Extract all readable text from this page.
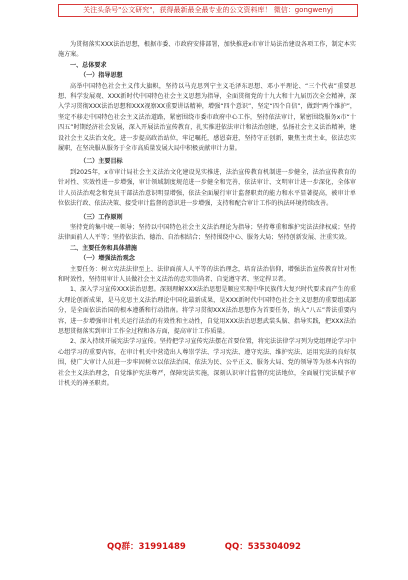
关注头条号"公文研究"，获得最新最全最专业的公文资料库！ 微信：gongwenyj

为贯彻落实XXX法治思想，根据市委、市政府安排部署，加快推进x市审计局法治建设各项工作，制定本实施方案。

一、总体要求

（一）指导思想

高举中国特色社会主义伟大旗帜，坚持以马克思列宁主义毛泽东思想、邓小平理论、“三个代表”重要思想、科学发展观、XXX新时代中国特色社会主义思想为指导，全面贯彻党的十九大和十九届历次全会精神，深入学习贯彻XXX法治思想和XXX视察XX重要讲话精神，增强“四个意识”，坚定“四个自信”，做到“两个维护”，坚定不移走中国特色社会主义法治道路，紧密围绕市委市政府中心工作，坚持依法审计，紧密围绕服务x市“十四五”时期经济社会发展，深入开展法治宣传教育，扎实推进依法审计和法治创建，弘扬社会主义法治精神，建设社会主义法治文化，进一步提高政治站位，牢记嘱托，感恩奋进，坚持守正创新，聚焦主责主业，依法忠实履职，在坚决服从服务于全市高质量发展大局中积极贡献审计力量。

（二）主要目标

到2025年，x市审计局社会主义法治文化建设见实推进，法治宣传教育机制进一步健全，法治宣传教育的针对性、实效性进一步增强，审计领域制度规范进一步健全和完善，依法审计、文明审计进一步深化，全体审计人员法治观念和党员干部法治意识明显增强，依法全面履行审计监督职责的能力和水平显著提高，被审计单位依法行政、依法决策、接受审计监督的意识进一步增强，支持和配合审计工作的执法环境持续改善。

（三）工作原则

坚持党的集中统一领导；坚持以中国特色社会主义法治理论为指导；坚持尊重和维护宪法法律权威；坚持法律面前人人平等；坚持依法治、德治、自治相结合；坚持围绕中心、服务大局；坚持创新发展、注重实效。

二、主要任务和具体措施

（一）增强法治观念

主要任务：树立宪法法律至上、法律面前人人平等的法治理念，培育法治信仰，增强法治宣传教育针对性和时效性，坚持用审计人员做社会主义法治的忠实崇尚者、自觉遵守者、坚定捍卫者。

1、深入学习宣传XXX法治思想。深刻理解XXX法治思想是顺应实现中华民族伟大复兴时代要求而产生的重大理论创新成果，是马克思主义法治理论中国化最新成果，是XXX新时代中国特色社会主义思想的重要组成部分，是全面依法治国的根本遵循和行动指南。将学习贯彻XXX法治思想作为首要任务，纳入“八五”普法重要内容，进一步增强审计机关运行法治的有效性和主动性，自觉用XXX法治思想武装头脑、指导实践，把XXX法治思想贯彻落实到审计工作全过程和各方面，提高审计工作质量。

2、深入持续开展宪法学习宣传。坚持把学习宣传宪法摆在首要位置，将宪法法律学习列为党组理论学习中心组学习的重要内容，在审计机关中营造出人尊崇学法、学习宪法、遵守宪法、维护宪法、运用宪法的良好氛围，使广大审计人员进一步牢固树立以依法治国、依法为民、公平正义、服务大局、党的领导等为基本内容的社会主义法治理念，自觉维护宪法尊严，保障宪法实施，深刻认识审计监督的宪法地位，全面履行宪法赋予审计机关的神圣职责。

QQ群：31991489	QQ：535304092
